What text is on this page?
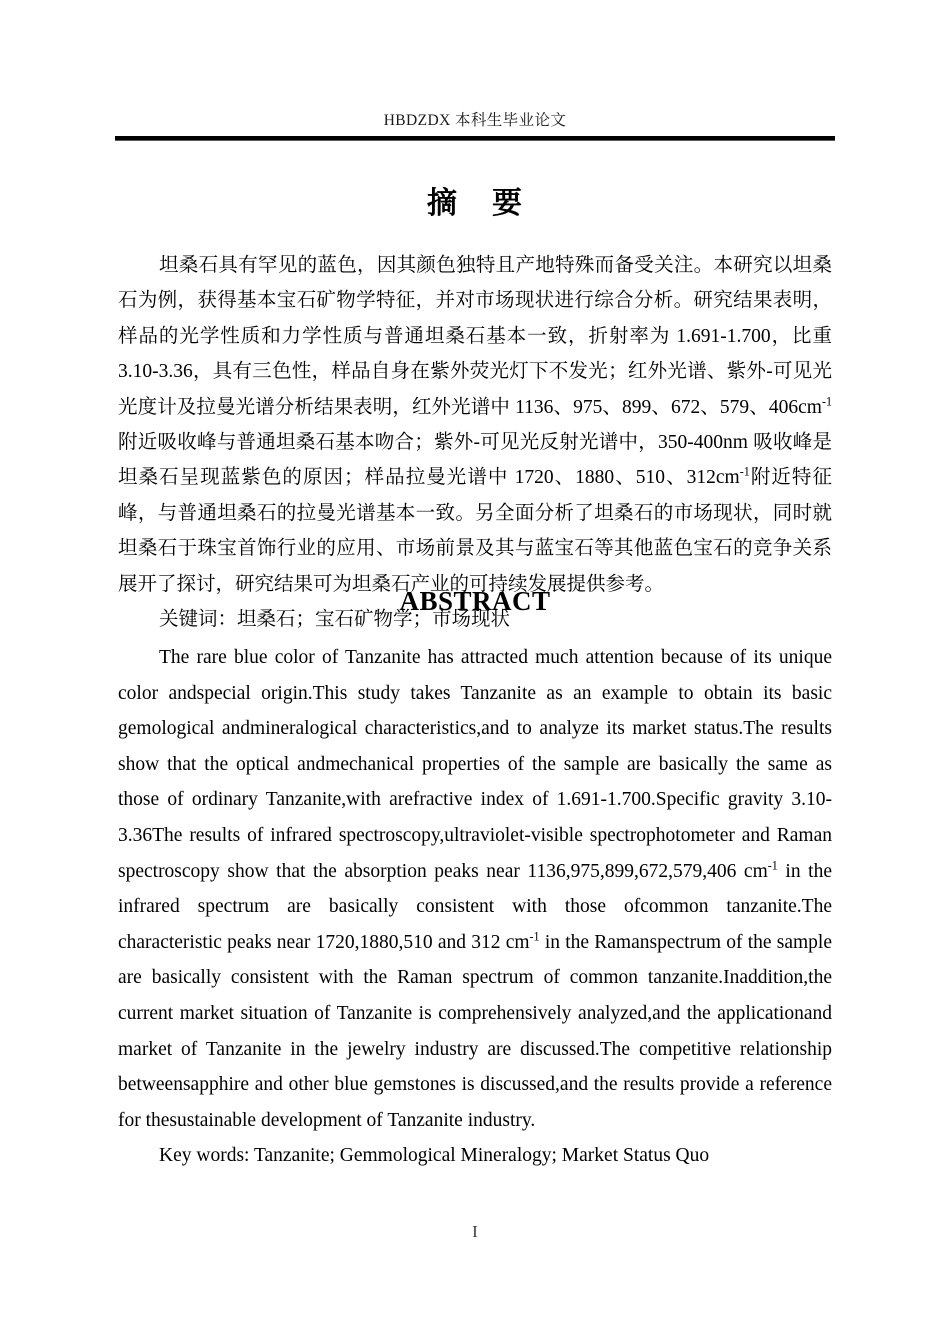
HBDZDX 本科生毕业论文
摘 要

坦桑石具有罕见的蓝色，因其颜色独特且产地特殊而备受关注。本研究以坦桑石为例，获得基本宝石矿物学特征，并对市场现状进行综合分析。研究结果表明，样品的光学性质和力学性质与普通坦桑石基本一致，折射率为 1.691-1.700，比重 3.10-3.36，具有三色性，样品自身在紫外荧光灯下不发光；红外光谱、紫外-可见光光度计及拉曼光谱分析结果表明，红外光谱中 1136、975、899、672、579、$406cm^{-1}$附近吸收峰与普通坦桑石基本吻合；紫外-可见光反射光谱中，350-400nm 吸收峰是坦桑石呈现蓝紫色的原因；样品拉曼光谱中 1720、1880、510、$312cm^{-1}$附近特征峰，与普通坦桑石的拉曼光谱基本一致。另全面分析了坦桑石的市场现状，同时就坦桑石于珠宝首饰行业的应用、市场前景及其与蓝宝石等其他蓝色宝石的竞争关系展开了探讨，研究结果可为坦桑石产业的可持续发展提供参考。

关键词：坦桑石；宝石矿物学；市场现状

ABSTRACT

The rare blue color of Tanzanite has attracted much attention because of its unique color andspecial origin.This study takes Tanzanite as an example to obtain its basic gemological andmineralogical characteristics,and to analyze its market status.The results show that the optical andmechanical properties of the sample are basically the same as those of ordinary Tanzanite,with arefractive index of 1.691-1.700.Specific gravity 3.10-3.36The results of infrared spectroscopy,ultraviolet-visible spectrophotometer and Raman spectroscopy show that the absorption peaks near 1136,975,899,672,579,406 $cm^{-1}$ in the infrared spectrum are basically consistent with those ofcommon tanzanite.The characteristic peaks near 1720,1880,510 and 312 $cm^{-1}$ in the Ramanspectrum of the sample are basically consistent with the Raman spectrum of common tanzanite.Inaddition,the current market situation of Tanzanite is comprehensively analyzed,and the applicationand market of Tanzanite in the jewelry industry are discussed.The competitive relationship betweensapphire and other blue gemstones is discussed,and the results provide a reference for thesustainable development of Tanzanite industry.

Key words: Tanzanite; Gemmological Mineralogy; Market Status Quo

I
